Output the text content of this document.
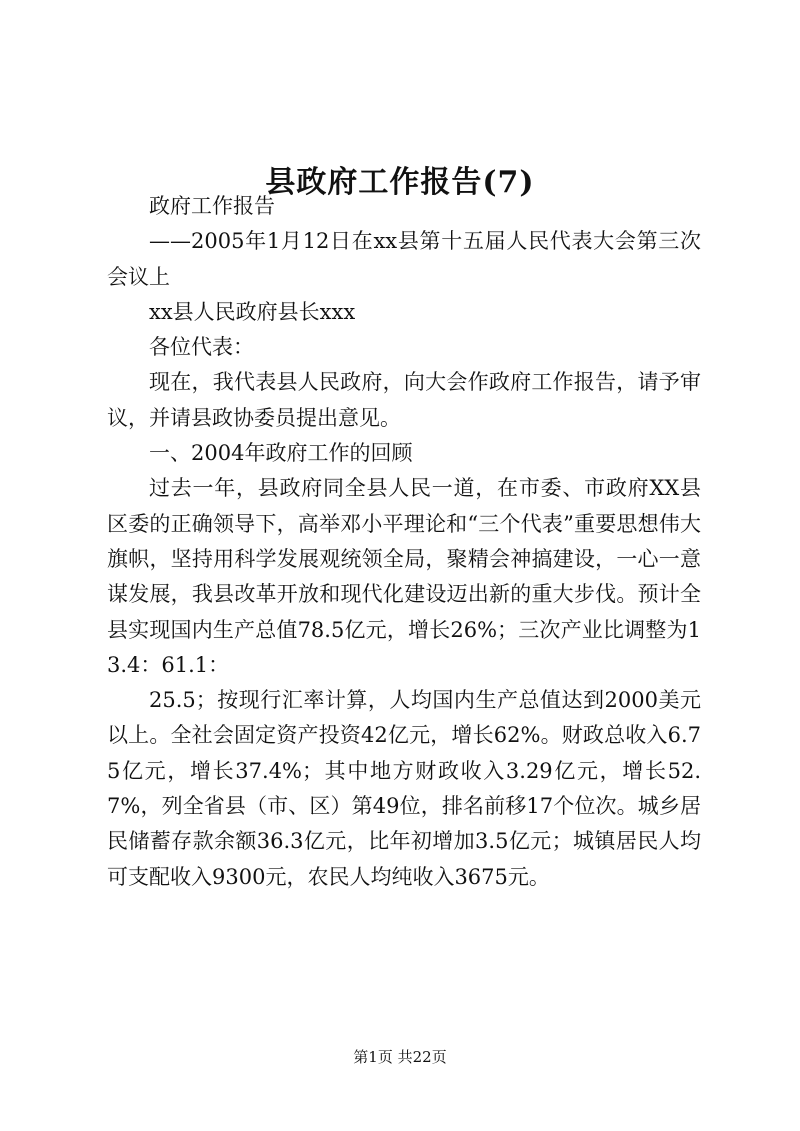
县政府工作报告(7)

政府工作报告

——2005年1月12日在xx县第十五届人民代表大会第三次会议上

xx县人民政府县长xxx

各位代表：

现在，我代表县人民政府，向大会作政府工作报告，请予审议，并请县政协委员提出意见。

一、2004年政府工作的回顾

过去一年，县政府同全县人民一道，在市委、市政府XX县区委的正确领导下，高举邓小平理论和“三个代表”重要思想伟大旗帜，坚持用科学发展观统领全局，聚精会神搞建设，一心一意谋发展，我县改革开放和现代化建设迈出新的重大步伐。预计全县实现国内生产总值78.5亿元，增长26%；三次产业比调整为13.4：61.1：

25.5；按现行汇率计算，人均国内生产总值达到2000美元以上。全社会固定资产投资42亿元，增长62%。财政总收入6.75亿元，增长37.4%；其中地方财政收入3.29亿元，增长52.7%，列全省县（市、区）第49位，排名前移17个位次。城乡居民储蓄存款余额36.3亿元，比年初增加3.5亿元；城镇居民人均可支配收入9300元，农民人均纯收入3675元。

第1页 共22页
